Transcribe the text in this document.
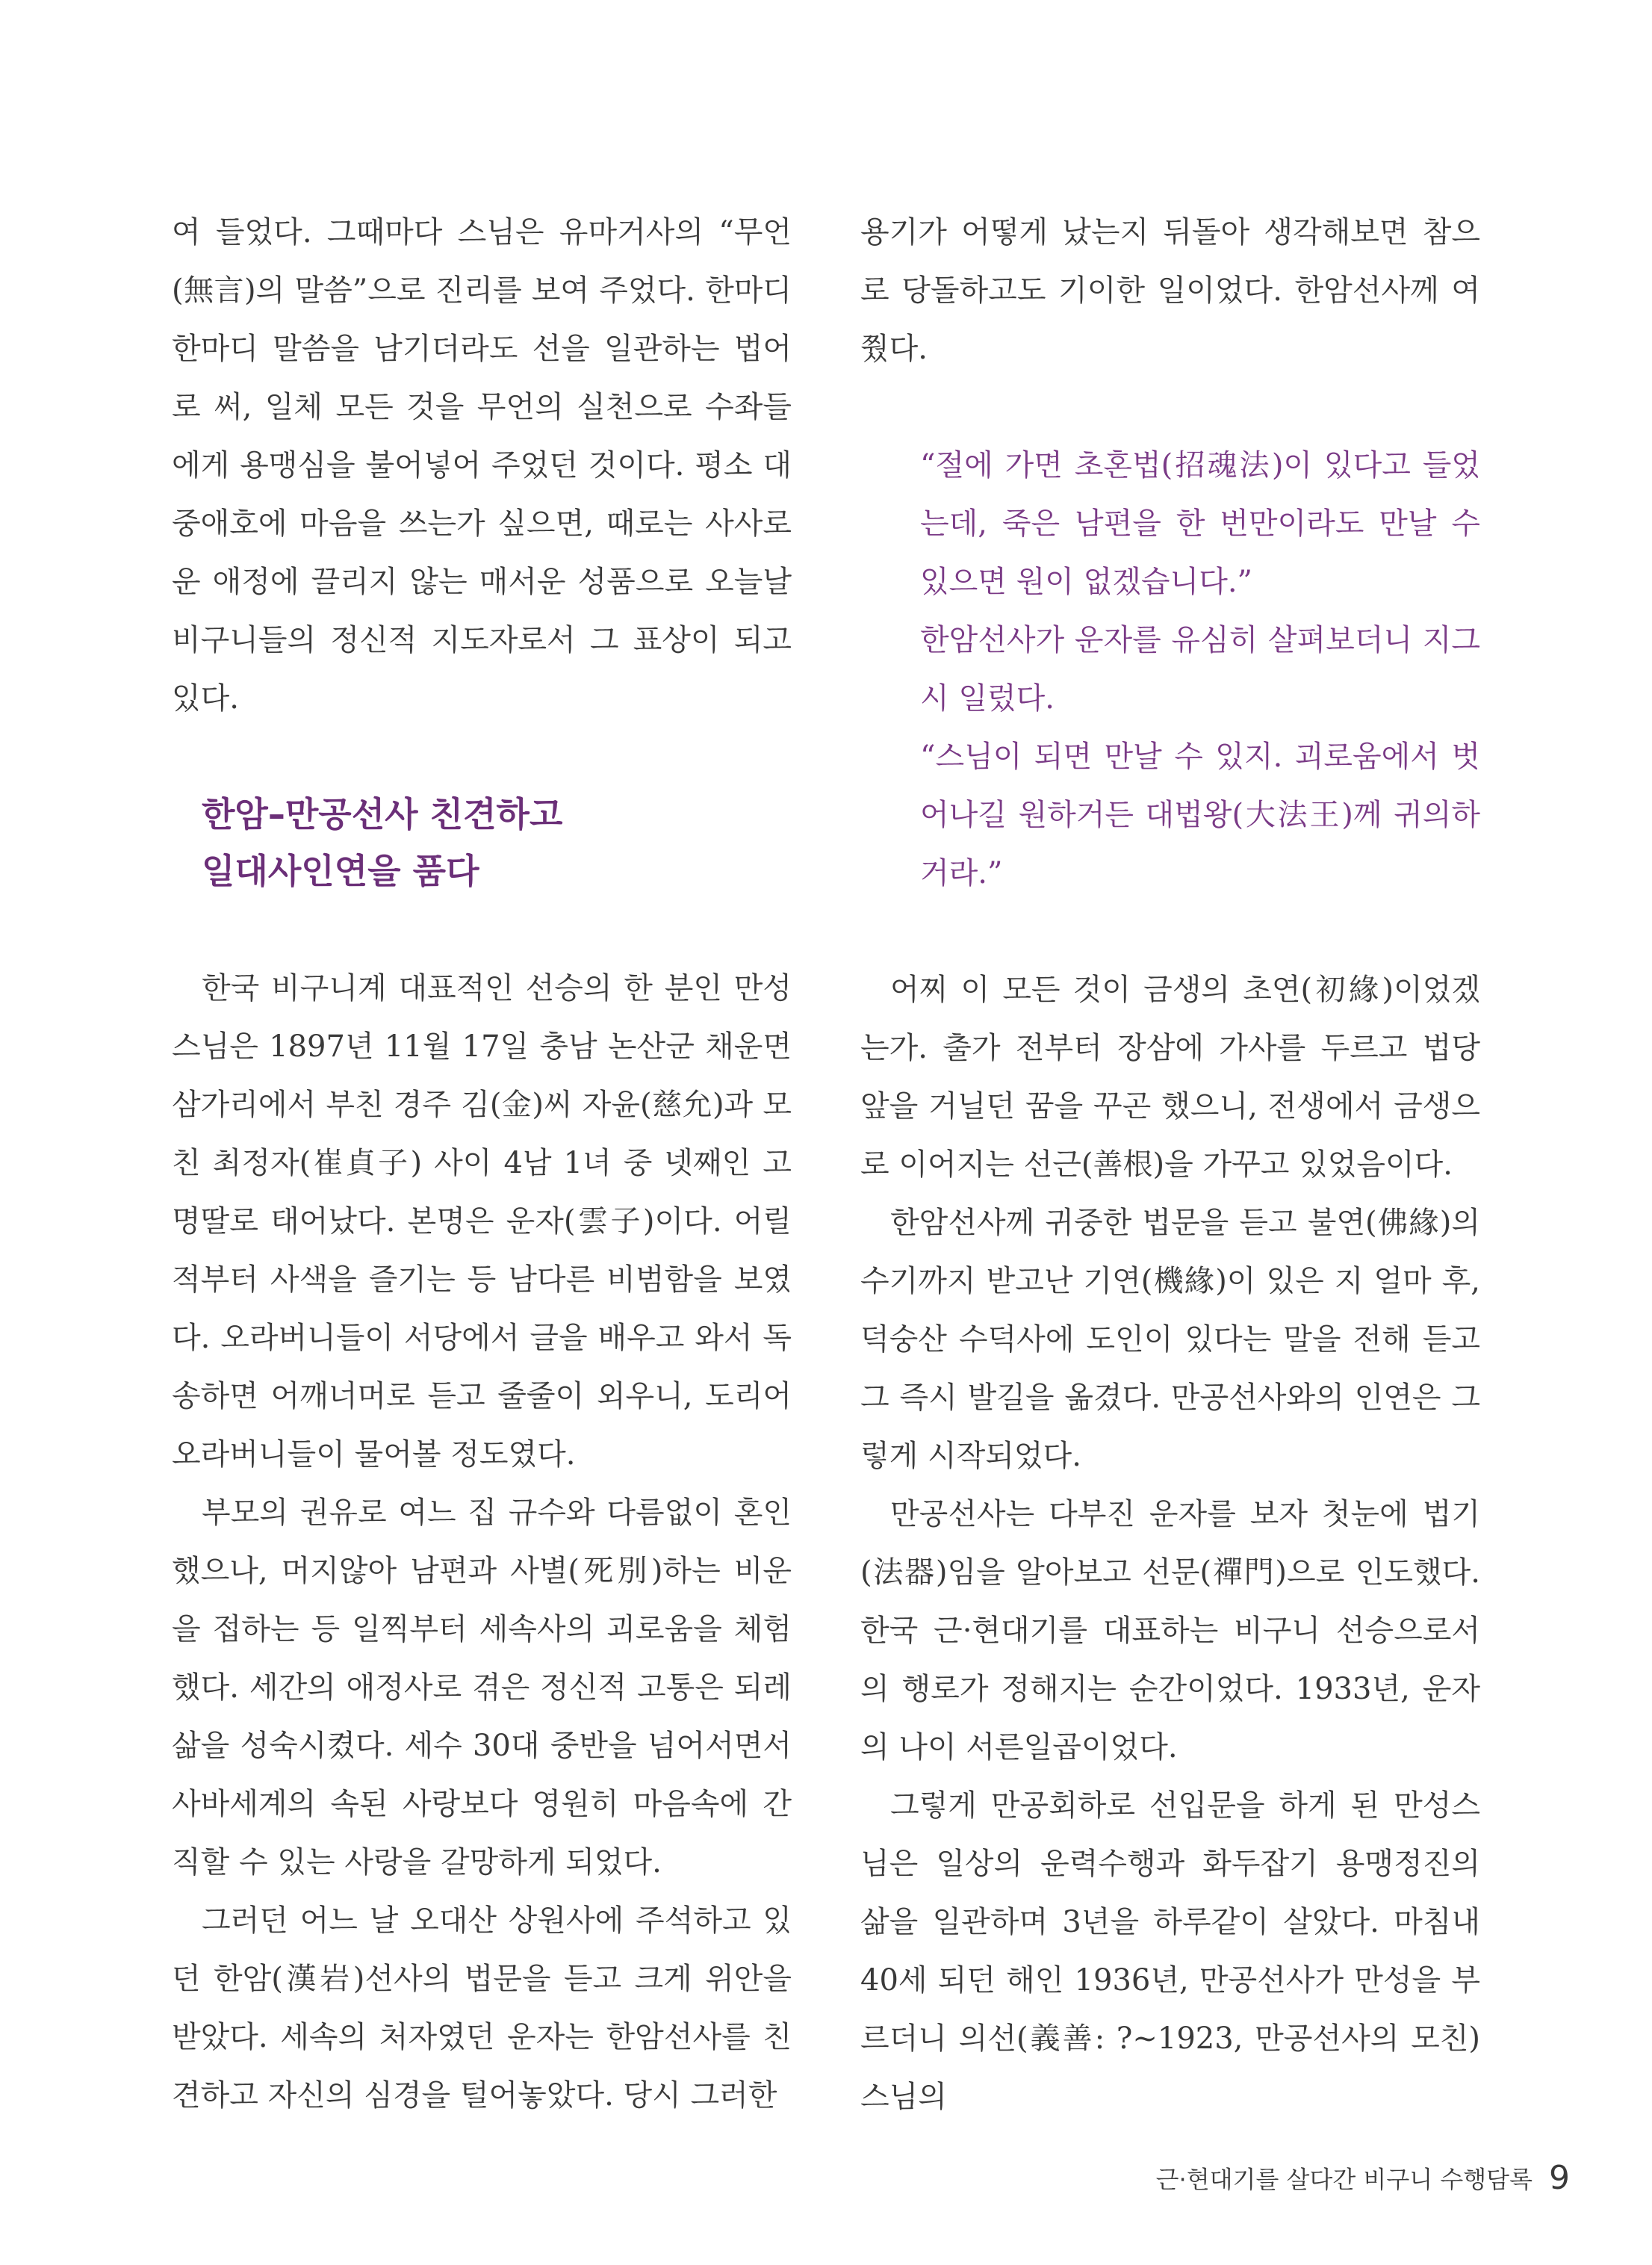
여 들었다. 그때마다 스님은 유마거사의 “무언(無言)의 말씀”으로 진리를 보여 주었다. 한마디 한마디 말씀을 남기더라도 선을 일관하는 법어로 써, 일체 모든 것을 무언의 실천으로 수좌들에게 용맹심을 불어넣어 주었던 것이다. 평소 대중애호에 마음을 쓰는가 싶으면, 때로는 사사로운 애정에 끌리지 않는 매서운 성품으로 오늘날 비구니들의 정신적 지도자로서 그 표상이 되고 있다.

한암–만공선사 친견하고
일대사인연을 품다

한국 비구니계 대표적인 선승의 한 분인 만성 스님은 1897년 11월 17일 충남 논산군 채운면 삼가리에서 부친 경주 김(金)씨 자윤(慈允)과 모친 최정자(崔貞子) 사이 4남 1녀 중 넷째인 고명딸로 태어났다. 본명은 운자(雲子)이다. 어릴 적부터 사색을 즐기는 등 남다른 비범함을 보였다. 오라버니들이 서당에서 글을 배우고 와서 독송하면 어깨너머로 듣고 줄줄이 외우니, 도리어 오라버니들이 물어볼 정도였다.

부모의 권유로 여느 집 규수와 다름없이 혼인했으나, 머지않아 남편과 사별(死別)하는 비운을 접하는 등 일찍부터 세속사의 괴로움을 체험했다. 세간의 애정사로 겪은 정신적 고통은 되레 삶을 성숙시켰다. 세수 30대 중반을 넘어서면서 사바세계의 속된 사랑보다 영원히 마음속에 간직할 수 있는 사랑을 갈망하게 되었다.

그러던 어느 날 오대산 상원사에 주석하고 있던 한암(漢岩)선사의 법문을 듣고 크게 위안을 받았다. 세속의 처자였던 운자는 한암선사를 친견하고 자신의 심경을 털어놓았다. 당시 그러한

용기가 어떻게 났는지 뒤돌아 생각해보면 참으로 당돌하고도 기이한 일이었다. 한암선사께 여쭸다.

“절에 가면 초혼법(招魂法)이 있다고 들었는데, 죽은 남편을 한 번만이라도 만날 수 있으면 원이 없겠습니다.”

한암선사가 운자를 유심히 살펴보더니 지그시 일렀다.

“스님이 되면 만날 수 있지. 괴로움에서 벗어나길 원하거든 대법왕(大法王)께 귀의하거라.”

어찌 이 모든 것이 금생의 초연(初緣)이었겠는가. 출가 전부터 장삼에 가사를 두르고 법당 앞을 거닐던 꿈을 꾸곤 했으니, 전생에서 금생으로 이어지는 선근(善根)을 가꾸고 있었음이다.

한암선사께 귀중한 법문을 듣고 불연(佛緣)의 수기까지 받고난 기연(機緣)이 있은 지 얼마 후, 덕숭산 수덕사에 도인이 있다는 말을 전해 듣고 그 즉시 발길을 옮겼다. 만공선사와의 인연은 그렇게 시작되었다.

만공선사는 다부진 운자를 보자 첫눈에 법기(法器)임을 알아보고 선문(禪門)으로 인도했다. 한국 근·현대기를 대표하는 비구니 선승으로서의 행로가 정해지는 순간이었다. 1933년, 운자의 나이 서른일곱이었다.

그렇게 만공회하로 선입문을 하게 된 만성스님은 일상의 운력수행과 화두잡기 용맹정진의 삶을 일관하며 3년을 하루같이 살았다. 마침내 40세 되던 해인 1936년, 만공선사가 만성을 부르더니 의선(義善: ?~1923, 만공선사의 모친)스님의

근·현대기를 살다간 비구니 수행담록 9
